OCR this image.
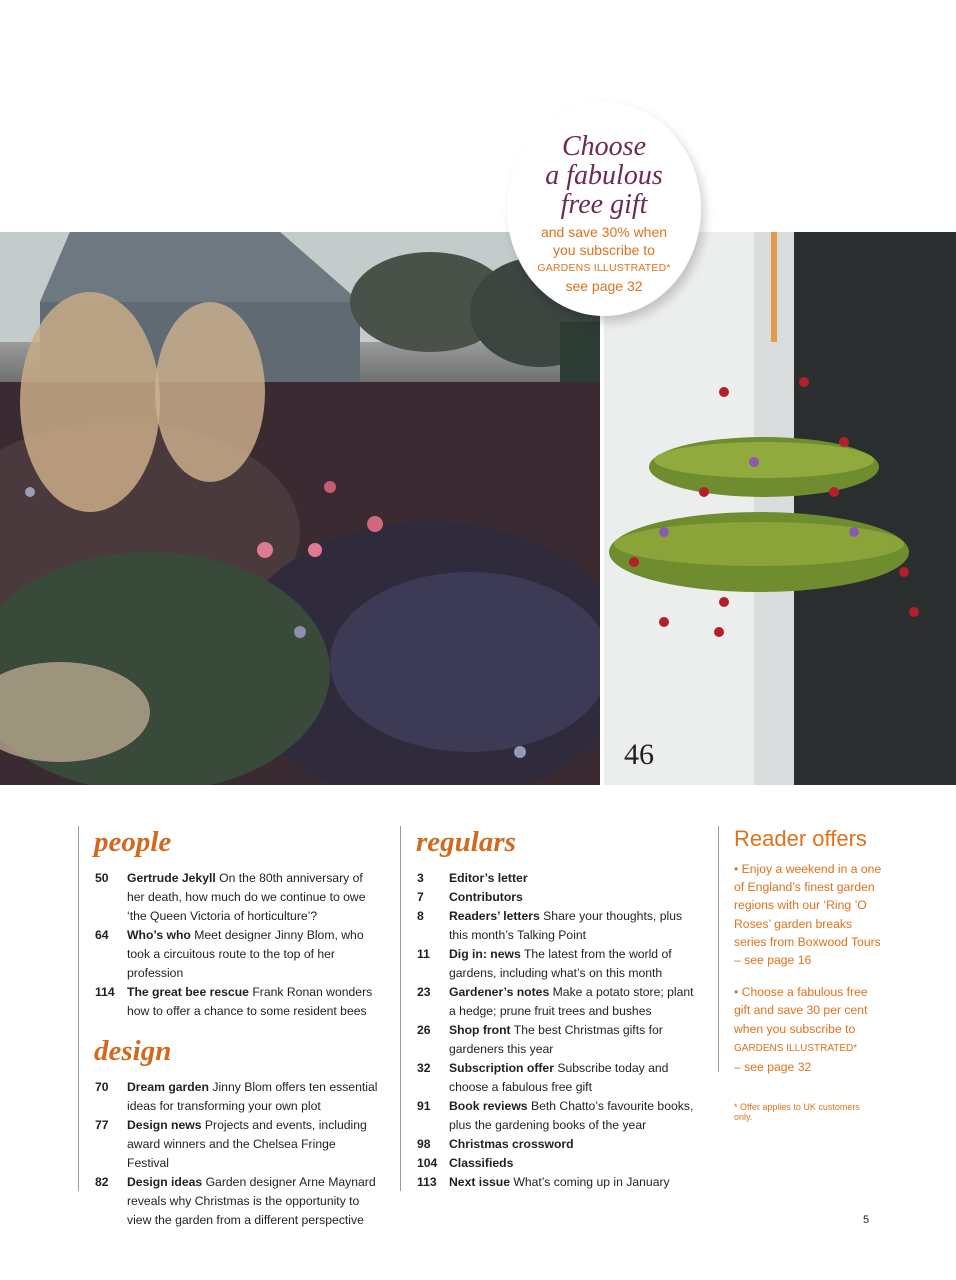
46
Choose
a fabulous
free gift
and save 30% when
you subscribe to
GARDENS ILLUSTRATED*
see page 32
people
50 Gertrude Jekyll On the 80th anniversary of her death, how much do we continue to owe ‘the Queen Victoria of horticulture’?
64 Who’s who Meet designer Jinny Blom, who took a circuitous route to the top of her profession
114 The great bee rescue Frank Ronan wonders how to offer a chance to some resident bees
design
70 Dream garden Jinny Blom offers ten essential ideas for transforming your own plot
77 Design news Projects and events, including award winners and the Chelsea Fringe Festival
82 Design ideas Garden designer Arne Maynard reveals why Christmas is the opportunity to view the garden from a different perspective
regulars
3 Editor’s letter
7 Contributors
8 Readers’ letters Share your thoughts, plus this month’s Talking Point
11 Dig in: news The latest from the world of gardens, including what’s on this month
23 Gardener’s notes Make a potato store; plant a hedge; prune fruit trees and bushes
26 Shop front The best Christmas gifts for gardeners this year
32 Subscription offer Subscribe today and choose a fabulous free gift
91 Book reviews Beth Chatto’s favourite books, plus the gardening books of the year
98 Christmas crossword
104 Classifieds
113 Next issue What’s coming up in January
Reader offers
• Enjoy a weekend in a one of England’s finest garden regions with our ‘Ring ’O Roses’ garden breaks series from Boxwood Tours – see page 16
• Choose a fabulous free gift and save 30 per cent when you subscribe to GARDENS ILLUSTRATED*
– see page 32
* Offer applies to UK customers only.
5
